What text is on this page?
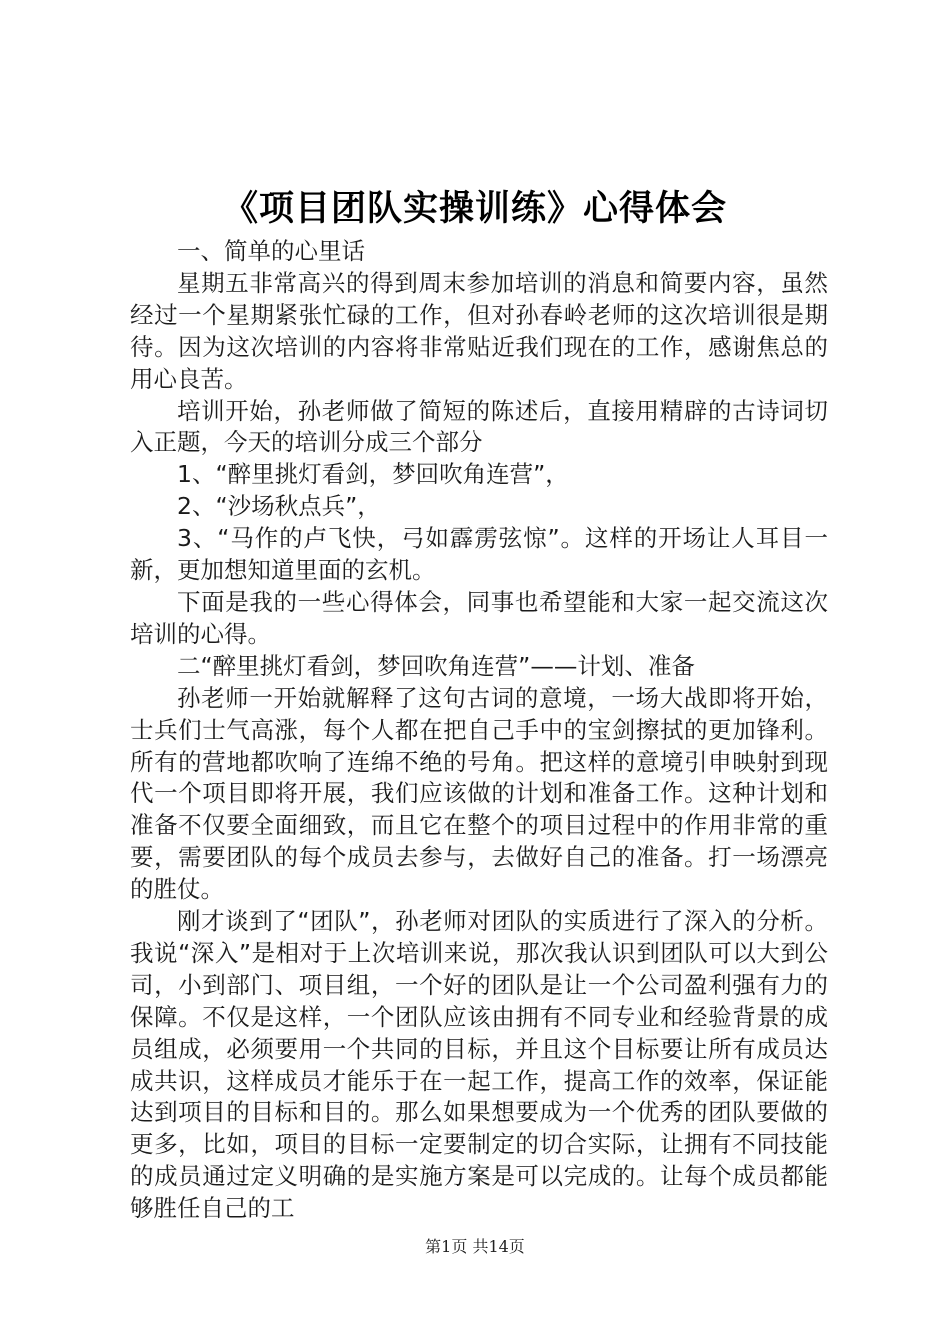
《项目团队实操训练》心得体会

一、简单的心里话

星期五非常高兴的得到周末参加培训的消息和简要内容，虽然经过一个星期紧张忙碌的工作，但对孙春岭老师的这次培训很是期待。因为这次培训的内容将非常贴近我们现在的工作，感谢焦总的用心良苦。

培训开始，孙老师做了简短的陈述后，直接用精辟的古诗词切入正题，今天的培训分成三个部分

1、“醉里挑灯看剑，梦回吹角连营”，

2、“沙场秋点兵”，

3、“马作的卢飞快，弓如霹雳弦惊”。这样的开场让人耳目一新，更加想知道里面的玄机。

下面是我的一些心得体会，同事也希望能和大家一起交流这次培训的心得。

二“醉里挑灯看剑，梦回吹角连营”——计划、准备

孙老师一开始就解释了这句古词的意境，一场大战即将开始，士兵们士气高涨，每个人都在把自己手中的宝剑擦拭的更加锋利。所有的营地都吹响了连绵不绝的号角。把这样的意境引申映射到现代一个项目即将开展，我们应该做的计划和准备工作。这种计划和准备不仅要全面细致，而且它在整个的项目过程中的作用非常的重要，需要团队的每个成员去参与，去做好自己的准备。打一场漂亮的胜仗。

刚才谈到了“团队”，孙老师对团队的实质进行了深入的分析。我说“深入”是相对于上次培训来说，那次我认识到团队可以大到公司，小到部门、项目组，一个好的团队是让一个公司盈利强有力的保障。不仅是这样，一个团队应该由拥有不同专业和经验背景的成员组成，必须要用一个共同的目标，并且这个目标要让所有成员达成共识，这样成员才能乐于在一起工作，提高工作的效率，保证能达到项目的目标和目的。那么如果想要成为一个优秀的团队要做的更多，比如，项目的目标一定要制定的切合实际，让拥有不同技能的成员通过定义明确的是实施方案是可以完成的。让每个成员都能够胜任自己的工

第1页 共14页
